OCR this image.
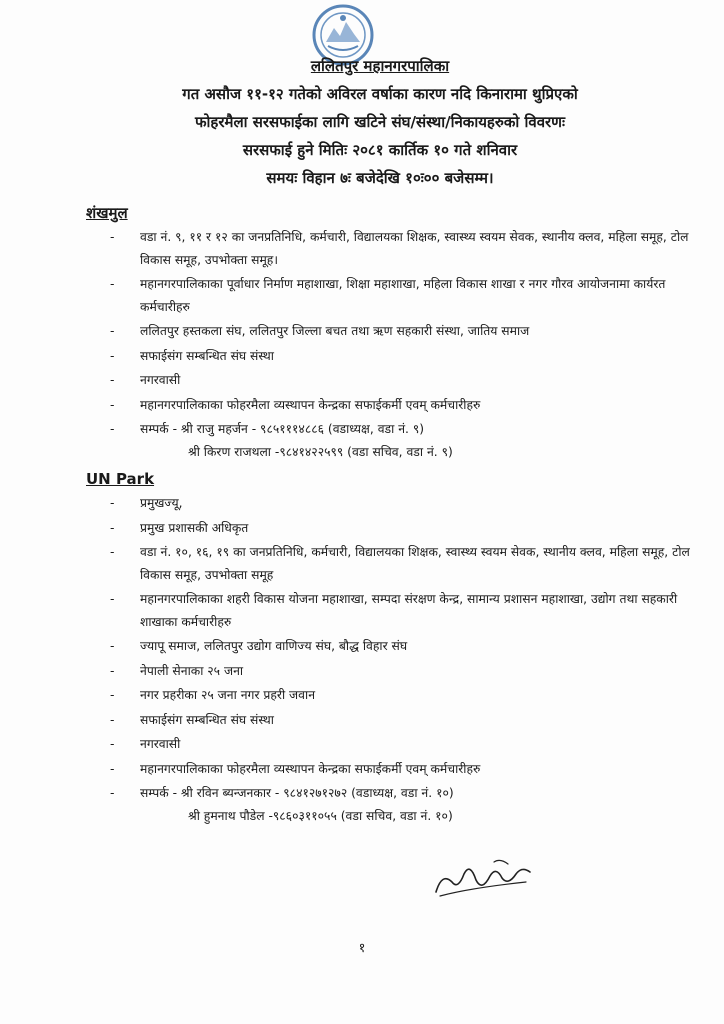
ललितपुर महानगरपालिका
गत असौज ११-१२ गतेको अविरल वर्षाका कारण नदि किनारामा थुप्रिएको
फोहरमैला सरसफाईका लागि खटिने संघ/संस्था/निकायहरुको विवरणः
सरसफाई हुने मितिः २०८१ कार्तिक १० गते शनिवार
समयः विहान ७ः बजेदेखि १०ः०० बजेसम्म।
शंखमुल
-	वडा नं. ९, ११ र १२ का जनप्रतिनिधि, कर्मचारी, विद्यालयका शिक्षक, स्वास्थ्य स्वयम सेवक, स्थानीय क्लव, महिला समूह, टोल विकास समूह, उपभोक्ता समूह।
-	महानगरपालिकाका पूर्वाधार निर्माण महाशाखा, शिक्षा महाशाखा, महिला विकास शाखा र नगर गौरव आयोजनामा कार्यरत कर्मचारीहरु
-	ललितपुर हस्तकला संघ, ललितपुर जिल्ला बचत तथा ऋण सहकारी संस्था, जातिय समाज
-	सफाईसंग सम्बन्धित संघ संस्था
-	नगरवासी
-	महानगरपालिकाका फोहरमैला व्यस्थापन केन्द्रका सफाईकर्मी एवम् कर्मचारीहरु
-	सम्पर्क - श्री राजु महर्जन - ९८५१११४८८६ (वडाध्यक्ष, वडा नं. ९)
श्री किरण राजथला -९८४१४२२५९९ (वडा सचिव, वडा नं. ९)
UN Park
-	प्रमुखज्यू,
-	प्रमुख प्रशासकी अधिकृत
-	वडा नं. १०, १६, १९ का जनप्रतिनिधि, कर्मचारी, विद्यालयका शिक्षक, स्वास्थ्य स्वयम सेवक, स्थानीय क्लव, महिला समूह, टोल विकास समूह, उपभोक्ता समूह
-	महानगरपालिकाका शहरी विकास योजना महाशाखा, सम्पदा संरक्षण केन्द्र, सामान्य प्रशासन महाशाखा, उद्योग तथा सहकारी शाखाका कर्मचारीहरु
-	ज्यापू समाज, ललितपुर उद्योग वाणिज्य संघ, बौद्ध विहार संघ
-	नेपाली सेनाका २५ जना
-	नगर प्रहरीका २५ जना नगर प्रहरी जवान
-	सफाईसंग सम्बन्धित संघ संस्था
-	नगरवासी
-	महानगरपालिकाका फोहरमैला व्यस्थापन केन्द्रका सफाईकर्मी एवम् कर्मचारीहरु
-	सम्पर्क - श्री रविन ब्यन्जनकार - ९८४१२७१२७२ (वडाध्यक्ष, वडा नं. १०)
श्री हुमनाथ पौडेल -९८६०३११०५५ (वडा सचिव, वडा नं. १०)
१
